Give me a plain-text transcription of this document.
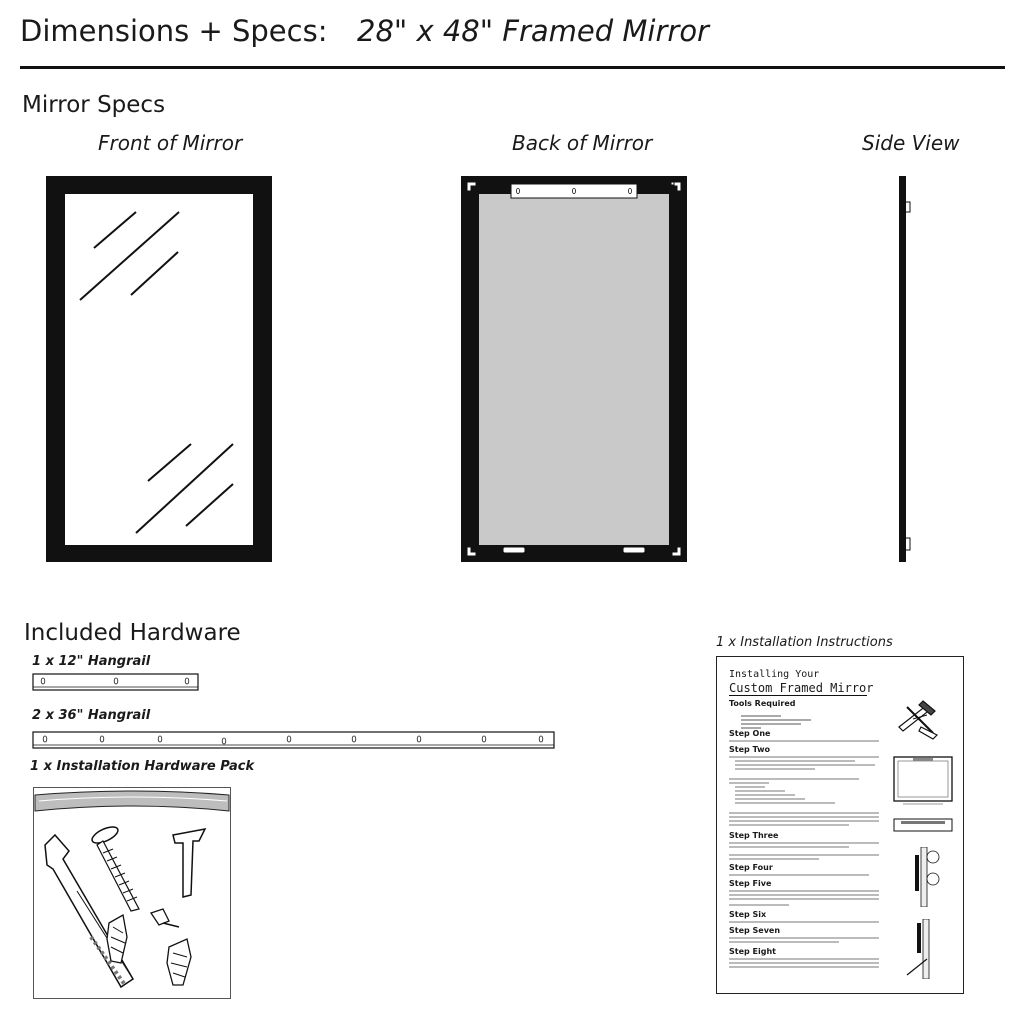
Dimensions + Specs: 28" x 48" Framed Mirror
Mirror Specs
Front of Mirror	Back of Mirror	Side View
Included Hardware
1 x 12" Hangrail
2 x 36" Hangrail
1 x Installation Hardware Pack
1 x Installation Instructions
Installing Your
Custom Framed Mirror
Tools Required
Step One
Step Two
Step Three
Step Four
Step Five
Step Six
Step Seven
Step Eight
